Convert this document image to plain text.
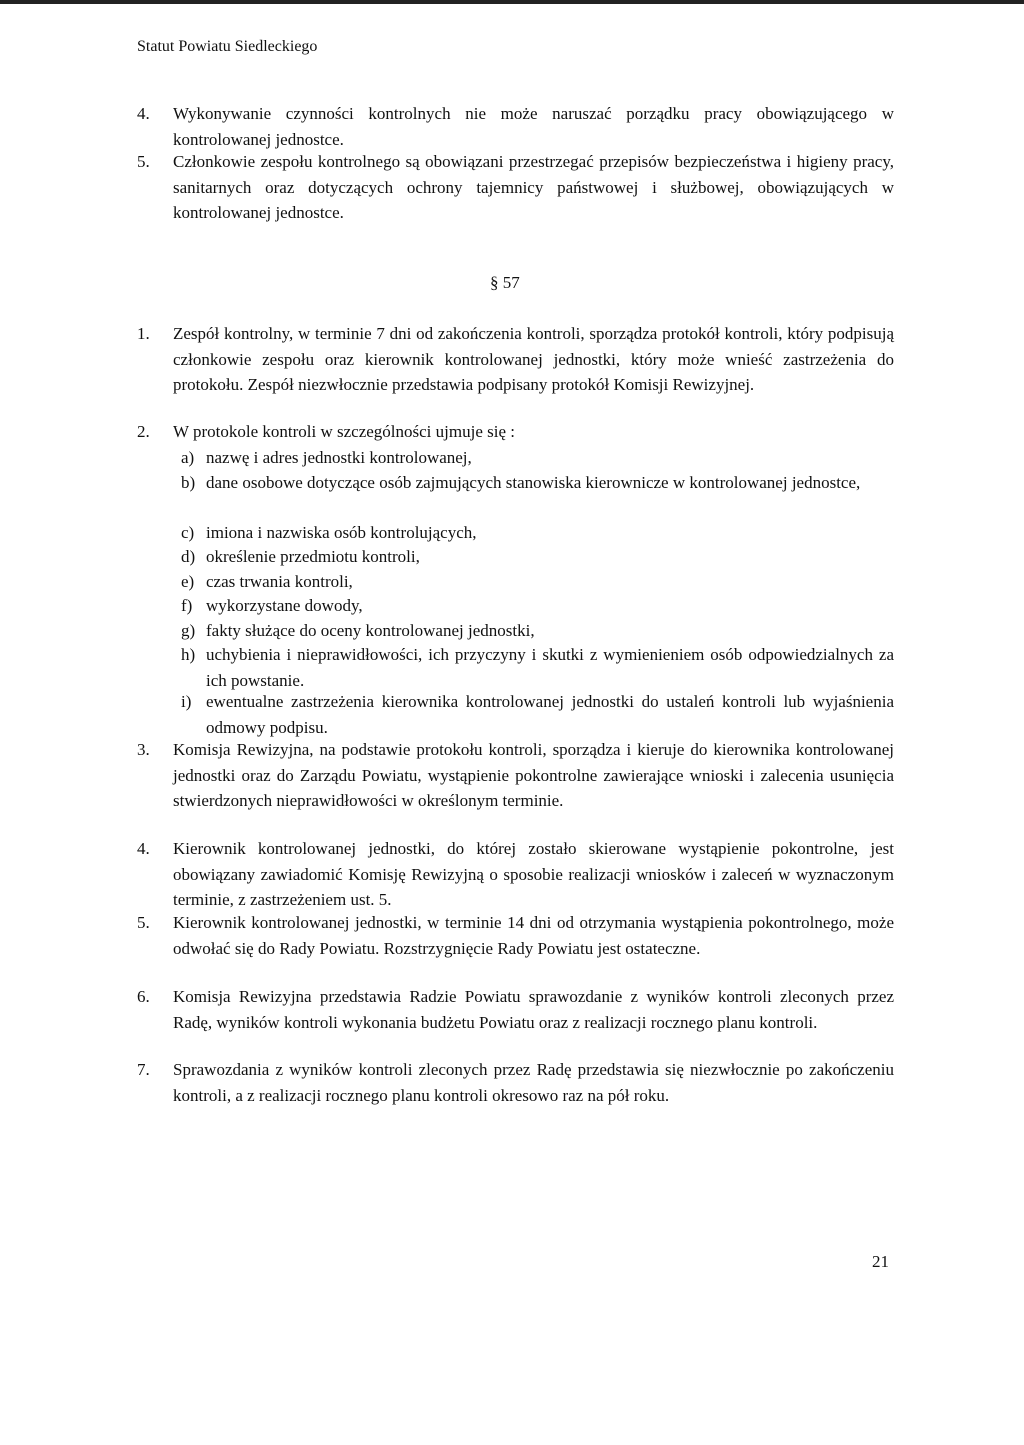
Statut Powiatu Siedleckiego
4. Wykonywanie czynności kontrolnych nie może naruszać porządku pracy obowiązującego w kontrolowanej jednostce.
5. Członkowie zespołu kontrolnego są obowiązani przestrzegać przepisów bezpieczeństwa i higieny pracy, sanitarnych oraz dotyczących ochrony tajemnicy państwowej i służbowej, obowiązujących w kontrolowanej jednostce.
§ 57
1. Zespół kontrolny, w terminie 7 dni od zakończenia kontroli, sporządza protokół kontroli, który podpisują członkowie zespołu oraz kierownik kontrolowanej jednostki, który może wnieść zastrzeżenia do protokołu. Zespół niezwłocznie przedstawia podpisany protokół Komisji Rewizyjnej.
2. W protokole kontroli w szczególności ujmuje się :
a) nazwę i adres jednostki kontrolowanej,
b) dane osobowe dotyczące osób zajmujących stanowiska kierownicze w kontrolowanej jednostce,
c) imiona i nazwiska osób kontrolujących,
d) określenie przedmiotu kontroli,
e) czas trwania kontroli,
f) wykorzystane dowody,
g) fakty służące do oceny kontrolowanej jednostki,
h) uchybienia i nieprawidłowości, ich przyczyny i skutki z wymienieniem osób odpowiedzialnych za ich powstanie.
i) ewentualne zastrzeżenia kierownika kontrolowanej jednostki do ustaleń kontroli lub wyjaśnienia odmowy podpisu.
3. Komisja Rewizyjna, na podstawie protokołu kontroli, sporządza i kieruje do kierownika kontrolowanej jednostki oraz do Zarządu Powiatu, wystąpienie pokontrolne zawierające wnioski i zalecenia usunięcia stwierdzonych nieprawidłowości w określonym terminie.
4. Kierownik kontrolowanej jednostki, do której zostało skierowane wystąpienie pokontrolne, jest obowiązany zawiadomić Komisję Rewizyjną o sposobie realizacji wniosków i zaleceń w wyznaczonym terminie, z zastrzeżeniem ust. 5.
5. Kierownik kontrolowanej jednostki, w terminie 14 dni od otrzymania wystąpienia pokontrolnego, może odwołać się do Rady Powiatu. Rozstrzygnięcie Rady Powiatu jest ostateczne.
6. Komisja Rewizyjna przedstawia Radzie Powiatu sprawozdanie z wyników kontroli zleconych przez Radę, wyników kontroli wykonania budżetu Powiatu oraz z realizacji rocznego planu kontroli.
7. Sprawozdania z wyników kontroli zleconych przez Radę przedstawia się niezwłocznie po zakończeniu kontroli, a z realizacji rocznego planu kontroli okresowo raz na pół roku.
21
